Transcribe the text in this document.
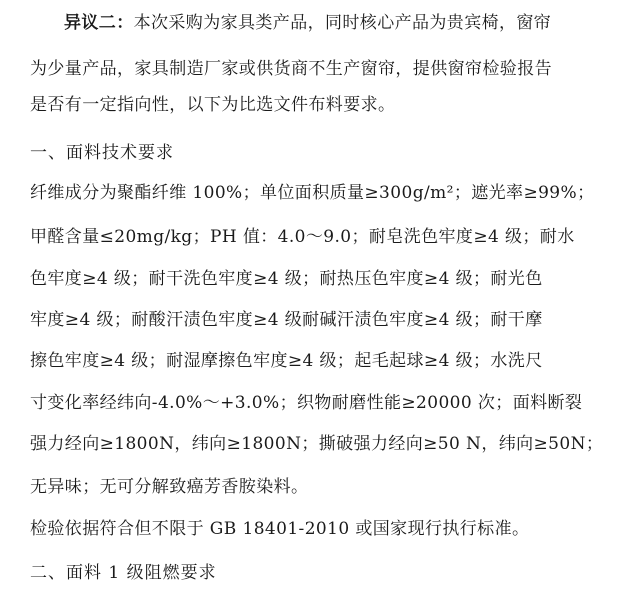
异议二：本次采购为家具类产品，同时核心产品为贵宾椅，窗帘
为少量产品，家具制造厂家或供货商不生产窗帘，提供窗帘检验报告
是否有一定指向性，以下为比选文件布料要求。
一、面料技术要求
纤维成分为聚酯纤维 100%；单位面积质量≥300g/m²；遮光率≥99%；
甲醛含量≤20mg/kg；PH 值：4.0～9.0；耐皂洗色牢度≥4 级；耐水
色牢度≥4 级；耐干洗色牢度≥4 级；耐热压色牢度≥4 级；耐光色
牢度≥4 级；耐酸汗渍色牢度≥4 级耐碱汗渍色牢度≥4 级；耐干摩
擦色牢度≥4 级；耐湿摩擦色牢度≥4 级；起毛起球≥4 级；水洗尺
寸变化率经纬向-4.0%～+3.0%；织物耐磨性能≥20000 次；面料断裂
强力经向≥1800N，纬向≥1800N；撕破强力经向≥50 N，纬向≥50N；
无异味；无可分解致癌芳香胺染料。
检验依据符合但不限于 GB 18401-2010 或国家现行执行标准。
二、面料 1 级阻燃要求
